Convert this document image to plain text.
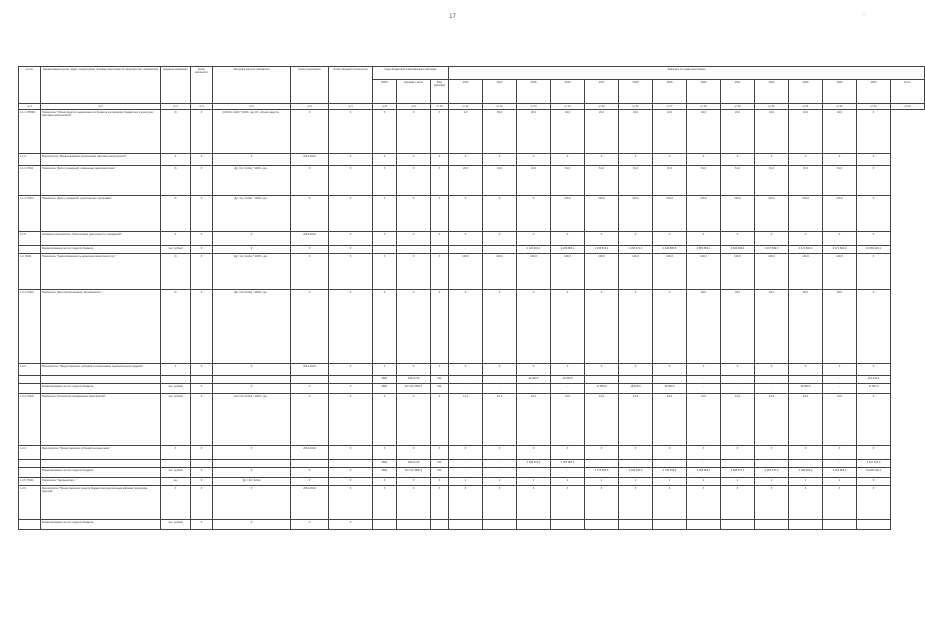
17	-
№ п/п	Наименование целей, задач, подпрограмм, основных мероприятий, мероприятий, показателей	Единица измерения	Коэф. весомости	Методика расчета показателя	Сроки реализации	Ответственный исполнитель	Коды бюджетной классификации расходов			Значения по годам реализации													
							ГРБС	Целевая статья	Вид расходов	2013	2014	2015	2016	2017	2018	2019	2020	2021	2022	2023	2024	2025	Итого
гр.1	гр.2	гр.3	гр.4	гр.5	гр.6	гр.7	гр.8	гр.9	гр.10	гр.11	гр.12	гр.13	гр.14	гр.15	гр.16	гр.17	гр.18	гр.19	гр.20	гр.21	гр.22	гр.23	гр.24
1.1.1. ПП001	Показатель "Объем средств, выделенных из бюджета на перевозку бюджетных и культурно-массовых мероприятий"	%	Х	(Сб/Сб+ Сфб) * 100%, где Сб - объем средств...	Х	Х	Х	Х	Х	0,0	69,0	26,0	24,0	24,0	24,0	24,0	24,0	24,0	24,0	24,0	24,0	Х	
1.1.2.	Мероприятие "Финансирование организации массовых мероприятий"	Х	Х	Х	2014-2024	Х	Х	Х	Х	Х	Х	Х	Х	Х	Х	Х	Х	Х	Х	Х	Х	Х	
1.1.3. П011	Показатель "Доля учреждений, охваченных мероприятиями"	%	Х	Ду = Ку / Кобщ * 100%, где...	Х	Х	Х	Х	Х	20,6	24,0	24,6	61,0	61,0	61,0	61,0	61,0	61,0	61,0	61,0	61,0	Х	
1.1.4. П012	Показатель "Доля учреждений, реализующих программы"	%	Х	Ду = Ку / Кобщ * 100%, где...	Х	Х	Х	Х	Х	Х	Х	Х	100,0	100,0	100,0	100,0	100,0	100,0	100,0	100,0	100,0	Х	
1.1.5.	Основное мероприятие "Обеспечение деятельности учреждений"	Х	Х	Х	2014-2024	Х	Х	Х	Х	Х	Х	Х	Х	Х	Х	Х	Х	Х	Х	Х	Х	Х	
	Финансирование за счет средств бюджета	тыс. рублей	Х	Х	Х	Х				-	-	2 126 204,1	2 249 684,1	2 156 872,1	2 295 471,4	2 448 680,8	2 580 669,1	2 691 384,4	4 467 699,0	4 471 844,3	4 471 844,3	16 369 332,1	
1.2. П013	Показатель "Удовлетворенность населения качеством услуг"	%	Х	Дк = Нк / Нобщ * 100%, где...	Х	Х	Х	Х	Х	100,0	100,0	100,0	100,0	100,0	100,0	100,0	100,0	100,0	100,0	100,0	100,0	Х	
1.2.1. П014	Показатель "Доля воспитанников, обучающихся..."	%	Х	Дв = Кв / Кобщ * 100%, где...	Х	Х	Х	Х	Х	Х	Х	Х	Х	Х	Х	Х	29,0	29,0	29,0	60,0	60,0	Х	
1.2.2.	Мероприятие "Предоставление субсидий на выполнение муниципального задания"	Х	Х	Х	2014-2024	Х	Х	Х	Х	Х	Х	Х	Х	Х	Х	Х	Х	Х	Х	Х	Х	Х	
							0801	236 01 00	611	-	-	32 290,0	22 290,0	-	-	-	-	-	-	-	-	114 344,0	
	Финансирование за счет средств бюджета	тыс. рублей	Х	Х	Х	Х	0801	02 1 02 7802 0	611	-	-	-	-	17 280,0	18 900,0	18 900,0	-	-	-	18 900,0	-	71 997,0	
1.2.3. П015	Показатель "Количество проведенных мероприятий"	тыс. рублей	Х	Км = Кп / Кобщ * 100%, где...	Х	Х	Х	Х	Х	11,3	16,3	13,2	13,0	13,0	13,0	13,0	13,0	13,0	13,0	13,0	13,0	Х	
1.2.4.	Мероприятие "Предоставление субсидий на иные цели"	Х	Х	Х	2014-2024	Х	Х	Х	Х	Х	Х	Х	Х	Х	Х	Х	Х	Х	Х	Х	Х	Х	
							0801	236 01 00	611	-	-	1 626 570,0	1 755 960,0	-	-	-	-	-	-	-	-	3 327 431,0	
	Финансирование за счет средств бюджета	тыс. рублей	Х	Х	Х	Х	0801	02 1 02 7802 0	611	-	-	-	-	1 775 906,0	4 033 000,0	3 760 643,0	4 458 603,4	4 088 571,1	4 382 137,0	4 396 454,0	4 304 669,0	31 926 446,1	
1.2.5. П041	Показатель "Удельный вес..."	ед.	Х	Ду = Кп / Кобщ	Х	Х	Х	Х	Х	1	1	1	1	1	1	1	1	1	1	1	1	Х	
1.2.6.	Мероприятие "Предоставление средств бюджета муниципальным районам (городским округам)"	Х	Х	Х	2014-2024	Х	Х	Х	Х	Х	Х	Х	Х	Х	Х	Х	Х	Х	Х	Х	Х	Х	
	Финансирование за счет средств бюджета	тыс. рублей	Х	Х	Х	Х																	
